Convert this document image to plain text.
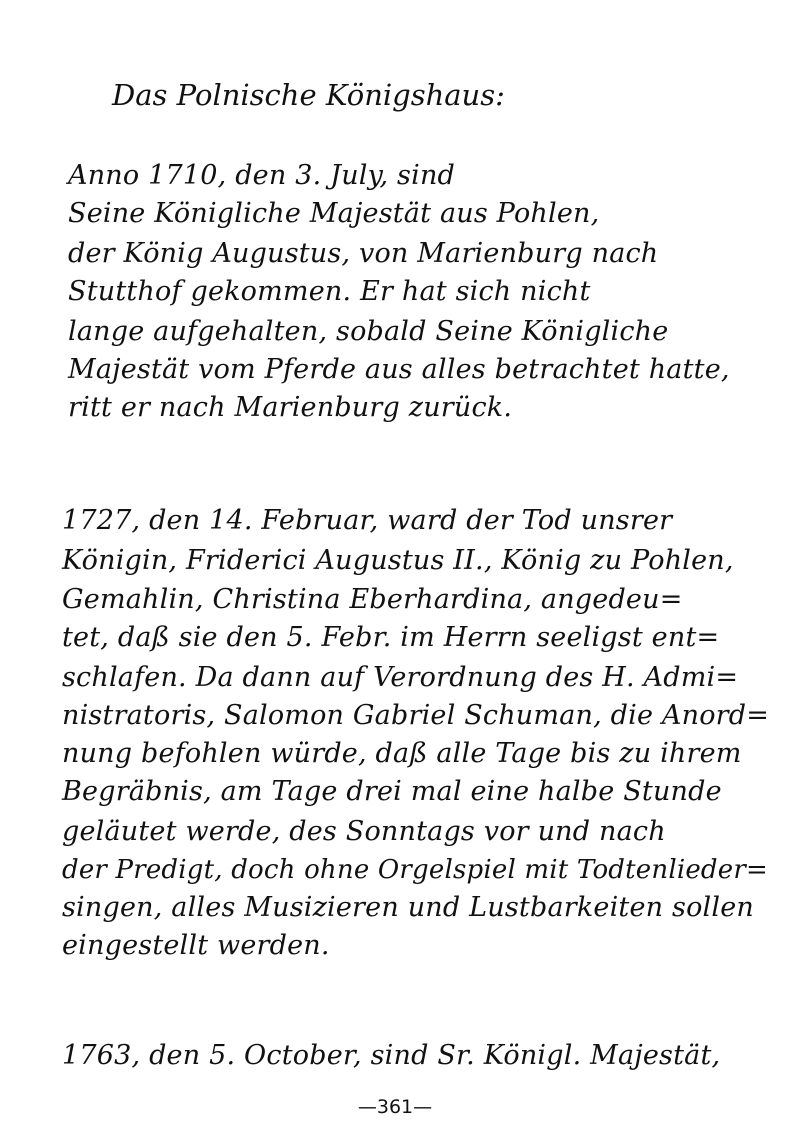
Das Polnische Königshaus:
Anno 1710, den 3. July, sind
Seine Königliche Majestät aus Pohlen,
der König Augustus, von Marienburg nach
Stutthof gekommen. Er hat sich nicht
lange aufgehalten, sobald Seine Königliche
Majestät vom Pferde aus alles betrachtet hatte,
ritt er nach Marienburg zurück.
1727, den 14. Februar, ward der Tod unsrer
Königin, Friderici Augustus II., König zu Pohlen,
Gemahlin, Christina Eberhardina, angedeu=
tet, daß sie den 5. Febr. im Herrn seeligst ent=
schlafen. Da dann auf Verordnung des H. Admi=
nistratoris, Salomon Gabriel Schuman, die Anord=
nung befohlen würde, daß alle Tage bis zu ihrem
Begräbnis, am Tage drei mal eine halbe Stunde
geläutet werde, des Sonntags vor und nach
der Predigt, doch ohne Orgelspiel mit Todtenlieder=
singen, alles Musizieren und Lustbarkeiten sollen
eingestellt werden.
1763, den 5. October, sind Sr. Königl. Majestät,
—361—
